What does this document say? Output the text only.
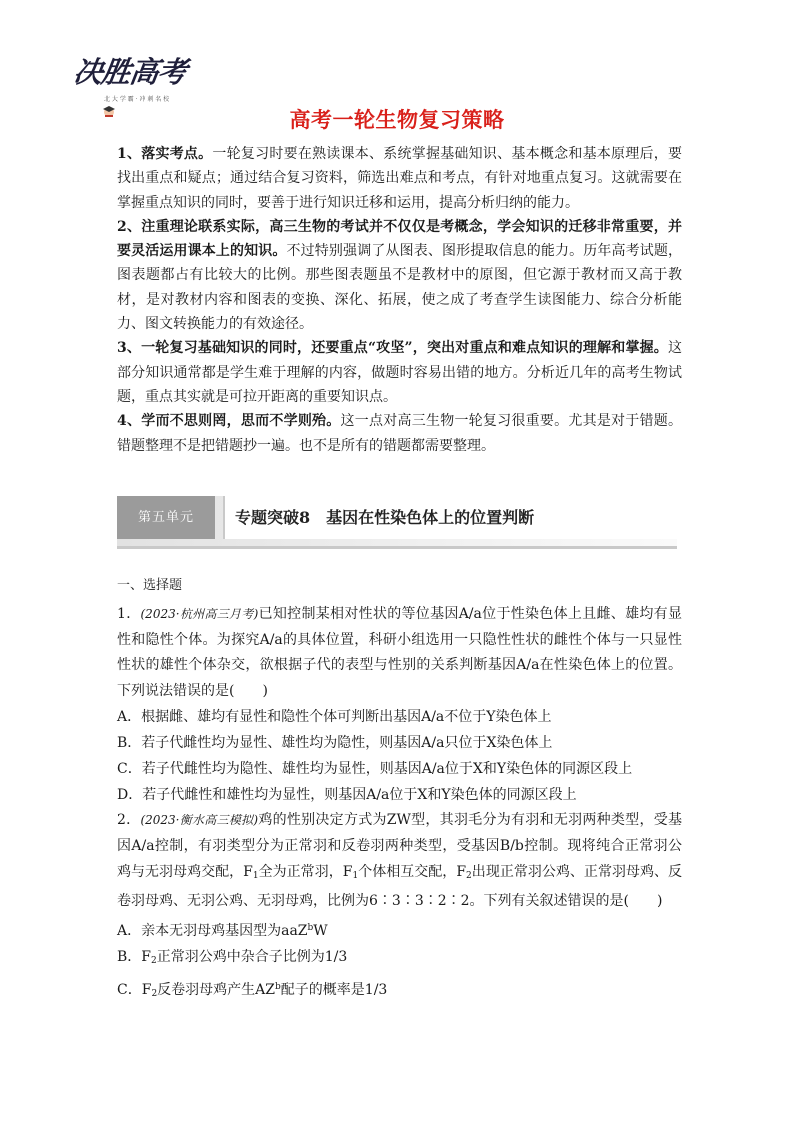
决胜高考
北 大 学 霸 · 冲 刺 名 校
高考一轮生物复习策略

1、落实考点。一轮复习时要在熟读课本、系统掌握基础知识、基本概念和基本原理后，要找出重点和疑点；通过结合复习资料，筛选出难点和考点，有针对地重点复习。这就需要在掌握重点知识的同时，要善于进行知识迁移和运用，提高分析归纳的能力。

2、注重理论联系实际，高三生物的考试并不仅仅是考概念，学会知识的迁移非常重要，并要灵活运用课本上的知识。不过特别强调了从图表、图形提取信息的能力。历年高考试题，图表题都占有比较大的比例。那些图表题虽不是教材中的原图，但它源于教材而又高于教材，是对教材内容和图表的变换、深化、拓展，使之成了考查学生读图能力、综合分析能力、图文转换能力的有效途径。

3、一轮复习基础知识的同时，还要重点“攻坚”，突出对重点和难点知识的理解和掌握。这部分知识通常都是学生难于理解的内容，做题时容易出错的地方。分析近几年的高考生物试题，重点其实就是可拉开距离的重要知识点。

4、学而不思则罔，思而不学则殆。这一点对高三生物一轮复习很重要。尤其是对于错题。错题整理不是把错题抄一遍。也不是所有的错题都需要整理。

第五单元	专题突破8　基因在性染色体上的位置判断

一、选择题

1．(2023·杭州高三月考)已知控制某相对性状的等位基因A/a位于性染色体上且雌、雄均有显性和隐性个体。为探究A/a的具体位置，科研小组选用一只隐性性状的雌性个体与一只显性性状的雄性个体杂交，欲根据子代的表型与性别的关系判断基因A/a在性染色体上的位置。下列说法错误的是(　　)

A．根据雌、雄均有显性和隐性个体可判断出基因A/a不位于Y染色体上

B．若子代雌性均为显性、雄性均为隐性，则基因A/a只位于X染色体上

C．若子代雌性均为隐性、雄性均为显性，则基因A/a位于X和Y染色体的同源区段上

D．若子代雌性和雄性均为显性，则基因A/a位于X和Y染色体的同源区段上

2．(2023·衡水高三模拟)鸡的性别决定方式为ZW型，其羽毛分为有羽和无羽两种类型，受基因A/a控制，有羽类型分为正常羽和反卷羽两种类型，受基因B/b控制。现将纯合正常羽公鸡与无羽母鸡交配，$F_1$全为正常羽，$F_1$个体相互交配，$F_2$出现正常羽公鸡、正常羽母鸡、反卷羽母鸡、无羽公鸡、无羽母鸡，比例为6∶3∶3∶2∶2。下列有关叙述错误的是(　　)

A．亲本无羽母鸡基因型为aaZ$^b$W

B．$F_2$正常羽公鸡中杂合子比例为1/3

C．$F_2$反卷羽母鸡产生$AZ^b$配子的概率是1/3
